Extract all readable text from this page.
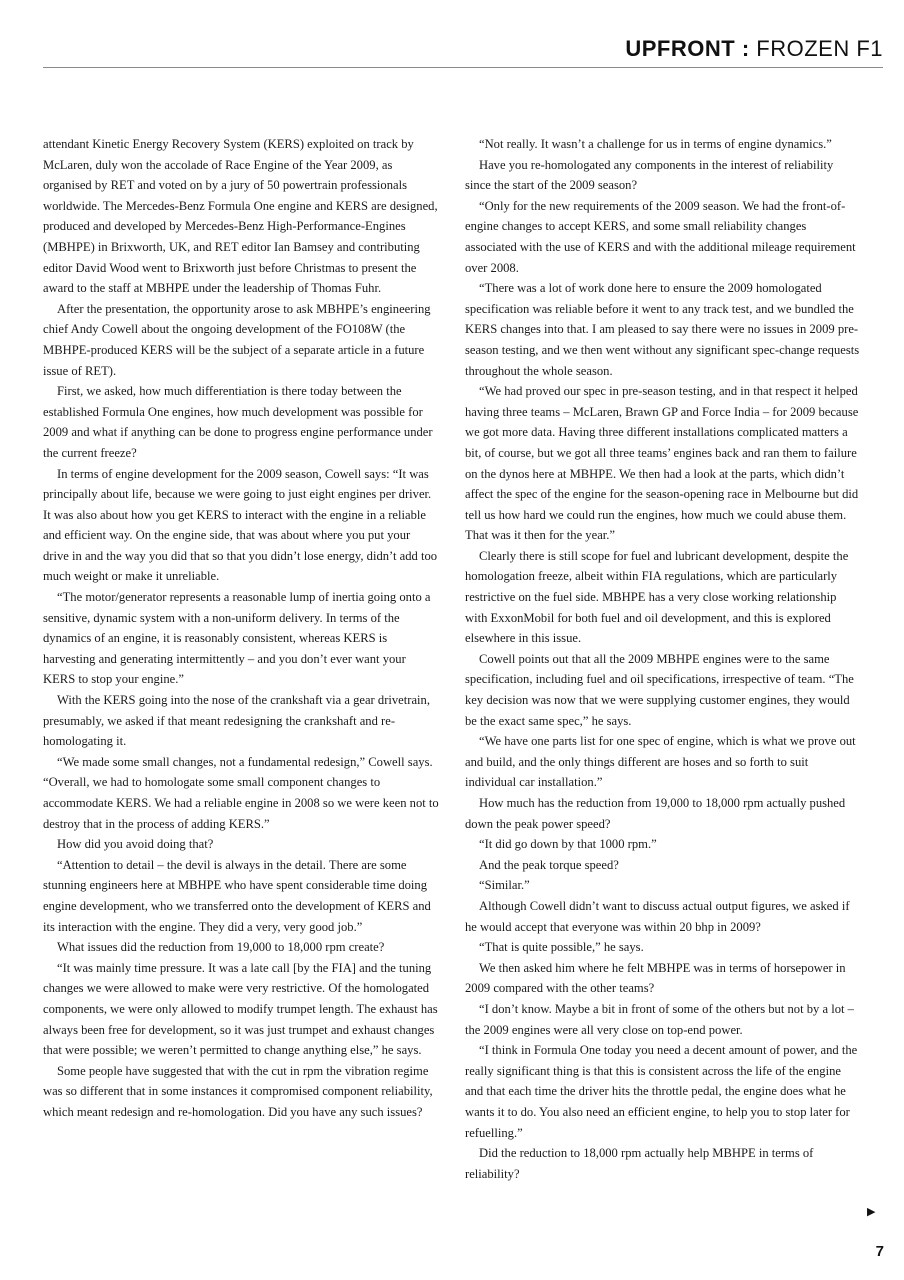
UPFRONT : FROZEN F1

attendant Kinetic Energy Recovery System (KERS) exploited on track by McLaren, duly won the accolade of Race Engine of the Year 2009, as organised by RET and voted on by a jury of 50 powertrain professionals worldwide. The Mercedes-Benz Formula One engine and KERS are designed, produced and developed by Mercedes-Benz High-Performance-Engines (MBHPE) in Brixworth, UK, and RET editor Ian Bamsey and contributing editor David Wood went to Brixworth just before Christmas to present the award to the staff at MBHPE under the leadership of Thomas Fuhr.

After the presentation, the opportunity arose to ask MBHPE’s engineering chief Andy Cowell about the ongoing development of the FO108W (the MBHPE-produced KERS will be the subject of a separate article in a future issue of RET).

First, we asked, how much differentiation is there today between the established Formula One engines, how much development was possible for 2009 and what if anything can be done to progress engine performance under the current freeze?

In terms of engine development for the 2009 season, Cowell says: “It was principally about life, because we were going to just eight engines per driver. It was also about how you get KERS to interact with the engine in a reliable and efficient way. On the engine side, that was about where you put your drive in and the way you did that so that you didn’t lose energy, didn’t add too much weight or make it unreliable.

“The motor/generator represents a reasonable lump of inertia going onto a sensitive, dynamic system with a non-uniform delivery. In terms of the dynamics of an engine, it is reasonably consistent, whereas KERS is harvesting and generating intermittently – and you don’t ever want your KERS to stop your engine.”

With the KERS going into the nose of the crankshaft via a gear drivetrain, presumably, we asked if that meant redesigning the crankshaft and re-homologating it.

“We made some small changes, not a fundamental redesign,” Cowell says. “Overall, we had to homologate some small component changes to accommodate KERS. We had a reliable engine in 2008 so we were keen not to destroy that in the process of adding KERS.”

How did you avoid doing that?

“Attention to detail – the devil is always in the detail. There are some stunning engineers here at MBHPE who have spent considerable time doing engine development, who we transferred onto the development of KERS and its interaction with the engine. They did a very, very good job.”

What issues did the reduction from 19,000 to 18,000 rpm create?

“It was mainly time pressure. It was a late call [by the FIA] and the tuning changes we were allowed to make were very restrictive. Of the homologated components, we were only allowed to modify trumpet length. The exhaust has always been free for development, so it was just trumpet and exhaust changes that were possible; we weren’t permitted to change anything else,” he says.

Some people have suggested that with the cut in rpm the vibration regime was so different that in some instances it compromised component reliability, which meant redesign and re-homologation. Did you have any such issues?

“Not really. It wasn’t a challenge for us in terms of engine dynamics.”

Have you re-homologated any components in the interest of reliability since the start of the 2009 season?

“Only for the new requirements of the 2009 season. We had the front-of-engine changes to accept KERS, and some small reliability changes associated with the use of KERS and with the additional mileage requirement over 2008.

“There was a lot of work done here to ensure the 2009 homologated specification was reliable before it went to any track test, and we bundled the KERS changes into that. I am pleased to say there were no issues in 2009 pre-season testing, and we then went without any significant spec-change requests throughout the whole season.

“We had proved our spec in pre-season testing, and in that respect it helped having three teams – McLaren, Brawn GP and Force India – for 2009 because we got more data. Having three different installations complicated matters a bit, of course, but we got all three teams’ engines back and ran them to failure on the dynos here at MBHPE. We then had a look at the parts, which didn’t affect the spec of the engine for the season-opening race in Melbourne but did tell us how hard we could run the engines, how much we could abuse them. That was it then for the year.”

Clearly there is still scope for fuel and lubricant development, despite the homologation freeze, albeit within FIA regulations, which are particularly restrictive on the fuel side. MBHPE has a very close working relationship with ExxonMobil for both fuel and oil development, and this is explored elsewhere in this issue.

Cowell points out that all the 2009 MBHPE engines were to the same specification, including fuel and oil specifications, irrespective of team. “The key decision was now that we were supplying customer engines, they would be the exact same spec,” he says.

“We have one parts list for one spec of engine, which is what we prove out and build, and the only things different are hoses and so forth to suit individual car installation.”

How much has the reduction from 19,000 to 18,000 rpm actually pushed down the peak power speed?

“It did go down by that 1000 rpm.”

And the peak torque speed?

“Similar.”

Although Cowell didn’t want to discuss actual output figures, we asked if he would accept that everyone was within 20 bhp in 2009?

“That is quite possible,” he says.

We then asked him where he felt MBHPE was in terms of horsepower in 2009 compared with the other teams?

“I don’t know. Maybe a bit in front of some of the others but not by a lot – the 2009 engines were all very close on top-end power.

“I think in Formula One today you need a decent amount of power, and the really significant thing is that this is consistent across the life of the engine and that each time the driver hits the throttle pedal, the engine does what he wants it to do. You also need an efficient engine, to help you to stop later for refuelling.”

Did the reduction to 18,000 rpm actually help MBHPE in terms of reliability?

▶
7
